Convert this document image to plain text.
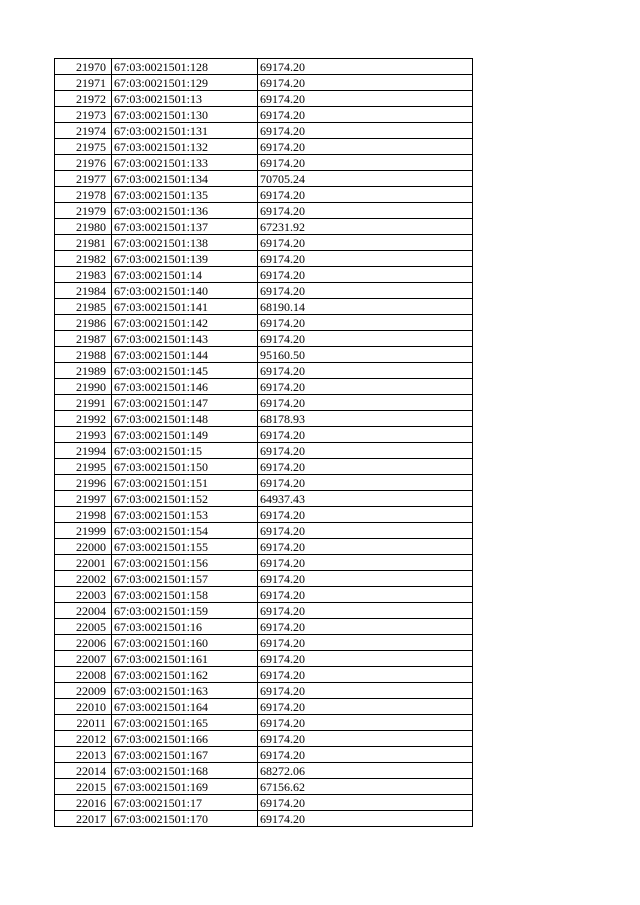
21970	67:03:0021501:128	69174.20
21971	67:03:0021501:129	69174.20
21972	67:03:0021501:13	69174.20
21973	67:03:0021501:130	69174.20
21974	67:03:0021501:131	69174.20
21975	67:03:0021501:132	69174.20
21976	67:03:0021501:133	69174.20
21977	67:03:0021501:134	70705.24
21978	67:03:0021501:135	69174.20
21979	67:03:0021501:136	69174.20
21980	67:03:0021501:137	67231.92
21981	67:03:0021501:138	69174.20
21982	67:03:0021501:139	69174.20
21983	67:03:0021501:14	69174.20
21984	67:03:0021501:140	69174.20
21985	67:03:0021501:141	68190.14
21986	67:03:0021501:142	69174.20
21987	67:03:0021501:143	69174.20
21988	67:03:0021501:144	95160.50
21989	67:03:0021501:145	69174.20
21990	67:03:0021501:146	69174.20
21991	67:03:0021501:147	69174.20
21992	67:03:0021501:148	68178.93
21993	67:03:0021501:149	69174.20
21994	67:03:0021501:15	69174.20
21995	67:03:0021501:150	69174.20
21996	67:03:0021501:151	69174.20
21997	67:03:0021501:152	64937.43
21998	67:03:0021501:153	69174.20
21999	67:03:0021501:154	69174.20
22000	67:03:0021501:155	69174.20
22001	67:03:0021501:156	69174.20
22002	67:03:0021501:157	69174.20
22003	67:03:0021501:158	69174.20
22004	67:03:0021501:159	69174.20
22005	67:03:0021501:16	69174.20
22006	67:03:0021501:160	69174.20
22007	67:03:0021501:161	69174.20
22008	67:03:0021501:162	69174.20
22009	67:03:0021501:163	69174.20
22010	67:03:0021501:164	69174.20
22011	67:03:0021501:165	69174.20
22012	67:03:0021501:166	69174.20
22013	67:03:0021501:167	69174.20
22014	67:03:0021501:168	68272.06
22015	67:03:0021501:169	67156.62
22016	67:03:0021501:17	69174.20
22017	67:03:0021501:170	69174.20
